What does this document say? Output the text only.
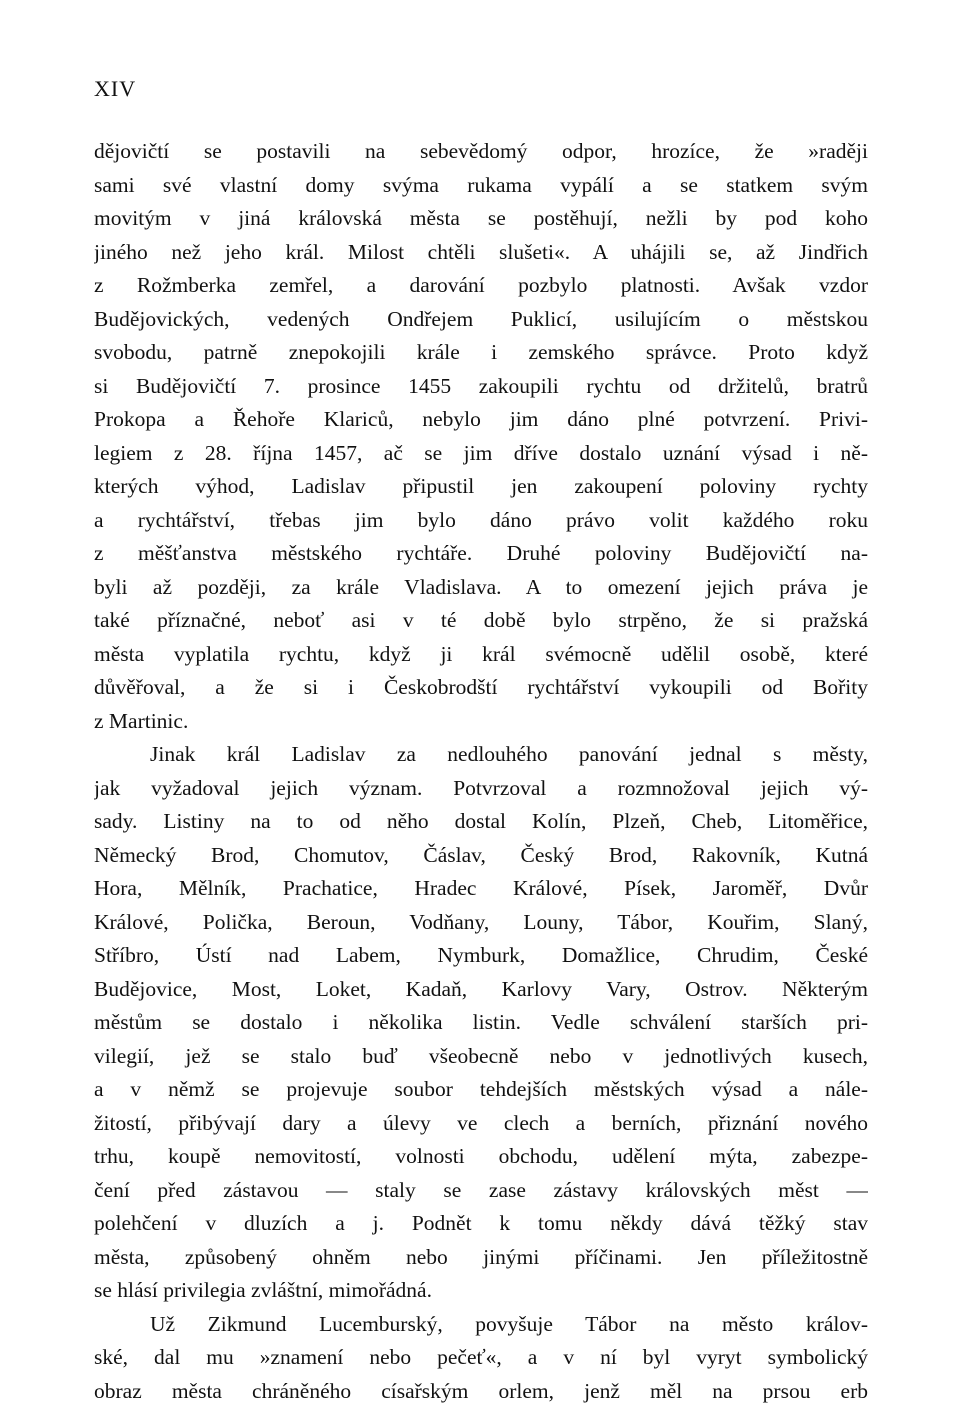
XIV
dějovičtí se postavili na sebevědomý odpor, hrozíce, že »raději
sami své vlastní domy svýma rukama vypálí a se statkem svým
movitým v jiná královská města se postěhují, nežli by pod koho
jiného než jeho král. Milost chtěli slušeti«. A uhájili se, až Jindřich
z Rožmberka zemřel, a darování pozbylo platnosti. Avšak vzdor
Budějovických, vedených Ondřejem Puklicí, usilujícím o městskou
svobodu, patrně znepokojili krále i zemského správce. Proto když
si Budějovičtí 7. prosince 1455 zakoupili rychtu od držitelů, bratrů
Prokopa a Řehoře Klariců, nebylo jim dáno plné potvrzení. Privi-
legiem z 28. října 1457, ač se jim dříve dostalo uznání výsad i ně-
kterých výhod, Ladislav připustil jen zakoupení poloviny rychty
a rychtářství, třebas jim bylo dáno právo volit každého roku
z měšťanstva městského rychtáře. Druhé poloviny Budějovičtí na-
byli až později, za krále Vladislava. A to omezení jejich práva je
také příznačné, neboť asi v té době bylo strpěno, že si pražská
města vyplatila rychtu, když ji král svémocně udělil osobě, které
důvěřoval, a že si i Českobrodští rychtářství vykoupili od Bořity
z Martinic.
Jinak král Ladislav za nedlouhého panování jednal s městy,
jak vyžadoval jejich význam. Potvrzoval a rozmnožoval jejich vý-
sady. Listiny na to od něho dostal Kolín, Plzeň, Cheb, Litoměřice,
Německý Brod, Chomutov, Čáslav, Český Brod, Rakovník, Kutná
Hora, Mělník, Prachatice, Hradec Králové, Písek, Jaroměř, Dvůr
Králové, Polička, Beroun, Vodňany, Louny, Tábor, Kouřim, Slaný,
Stříbro, Ústí nad Labem, Nymburk, Domažlice, Chrudim, České
Budějovice, Most, Loket, Kadaň, Karlovy Vary, Ostrov. Některým
městům se dostalo i několika listin. Vedle schválení starších pri-
vilegií, jež se stalo buď všeobecně nebo v jednotlivých kusech,
a v němž se projevuje soubor tehdejších městských výsad a nále-
žitostí, přibývají dary a úlevy ve clech a berních, přiznání nového
trhu, koupě nemovitostí, volnosti obchodu, udělení mýta, zabezpe-
čení před zástavou — staly se zase zástavy královských měst —
polehčení v dluzích a j. Podnět k tomu někdy dává těžký stav
města, způsobený ohněm nebo jinými příčinami. Jen příležitostně
se hlásí privilegia zvláštní, mimořádná.
Už Zikmund Lucemburský, povyšuje Tábor na město králov-
ské, dal mu »znamení nebo pečeť«, a v ní byl vyryt symbolický
obraz města chráněného císařským orlem, jenž měl na prsou erb
